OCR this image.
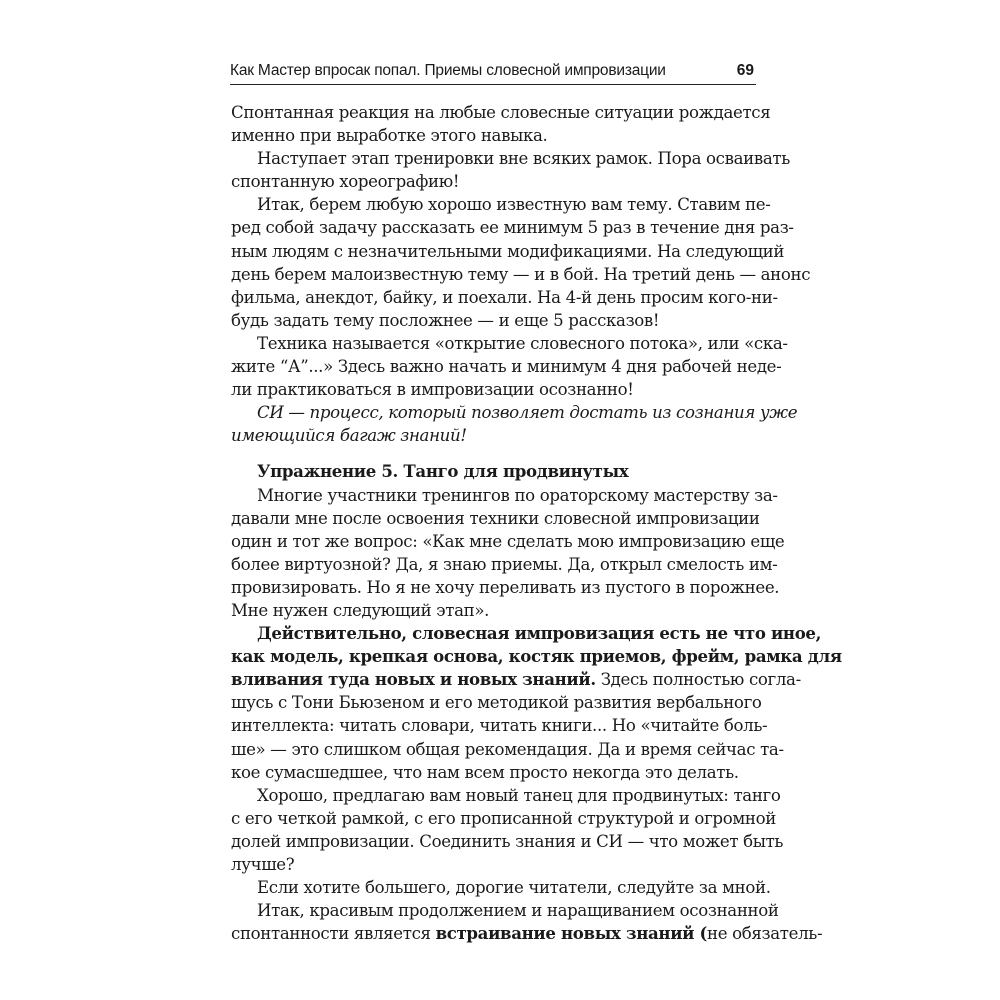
Как Мастер впросак попал. Приемы словесной импровизации	69
Спонтанная реакция на любые словесные ситуации рождается
именно при выработке этого навыка.
Наступает этап тренировки вне всяких рамок. Пора осваивать
спонтанную хореографию!
Итак, берем любую хорошо известную вам тему. Ставим пе-
ред собой задачу рассказать ее минимум 5 раз в течение дня раз-
ным людям с незначительными модификациями. На следующий
день берем малоизвестную тему — и в бой. На третий день — анонс
фильма, анекдот, байку, и поехали. На 4-й день просим кого-ни-
будь задать тему посложнее — и еще 5 рассказов!
Техника называется «открытие словесного потока», или «ска-
жите “А”...» Здесь важно начать и минимум 4 дня рабочей неде-
ли практиковаться в импровизации осознанно!
СИ — процесс, который позволяет достать из сознания уже
имеющийся багаж знаний!
Упражнение 5. Танго для продвинутых
Многие участники тренингов по ораторскому мастерству за-
давали мне после освоения техники словесной импровизации
один и тот же вопрос: «Как мне сделать мою импровизацию еще
более виртуозной? Да, я знаю приемы. Да, открыл смелость им-
провизировать. Но я не хочу переливать из пустого в порожнее.
Мне нужен следующий этап».
Действительно, словесная импровизация есть не что иное,
как модель, крепкая основа, костяк приемов, фрейм, рамка для
вливания туда новых и новых знаний. Здесь полностью согла-
шусь с Тони Бьюзеном и его методикой развития вербального
интеллекта: читать словари, читать книги... Но «читайте боль-
ше» — это слишком общая рекомендация. Да и время сейчас та-
кое сумасшедшее, что нам всем просто некогда это делать.
Хорошо, предлагаю вам новый танец для продвинутых: танго
с его четкой рамкой, с его прописанной структурой и огромной
долей импровизации. Соединить знания и СИ — что может быть
лучше?
Если хотите большего, дорогие читатели, следуйте за мной.
Итак, красивым продолжением и наращиванием осознанной
спонтанности является встраивание новых знаний (не обязатель-
